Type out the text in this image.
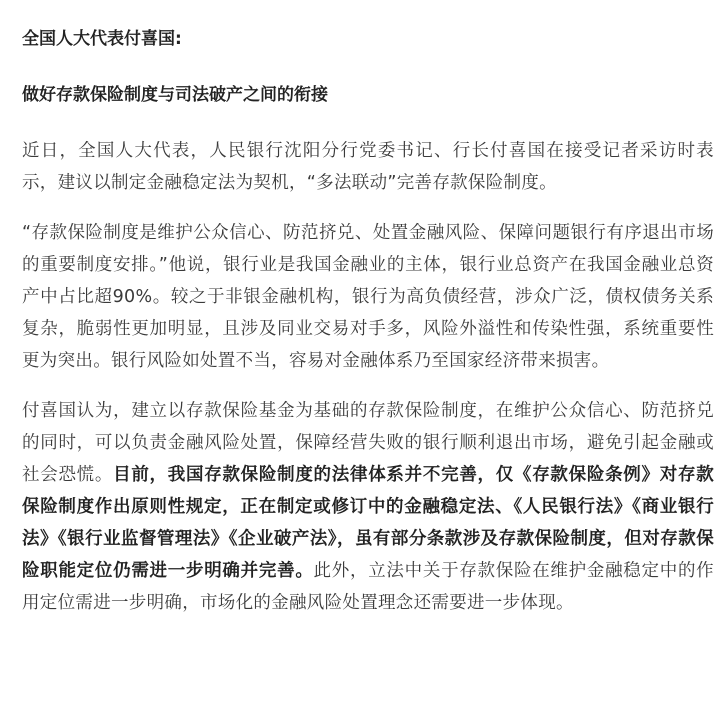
全国人大代表付喜国:

做好存款保险制度与司法破产之间的衔接

近日，全国人大代表，人民银行沈阳分行党委书记、行长付喜国在接受记者采访时表示，建议以制定金融稳定法为契机，“多法联动”完善存款保险制度。

“存款保险制度是维护公众信心、防范挤兑、处置金融风险、保障问题银行有序退出市场的重要制度安排。”他说，银行业是我国金融业的主体，银行业总资产在我国金融业总资产中占比超90%。较之于非银金融机构，银行为高负债经营，涉众广泛，债权债务关系复杂，脆弱性更加明显，且涉及同业交易对手多，风险外溢性和传染性强，系统重要性更为突出。银行风险如处置不当，容易对金融体系乃至国家经济带来损害。

付喜国认为，建立以存款保险基金为基础的存款保险制度，在维护公众信心、防范挤兑的同时，可以负责金融风险处置，保障经营失败的银行顺利退出市场，避免引起金融或社会恐慌。目前，我国存款保险制度的法律体系并不完善，仅《存款保险条例》对存款保险制度作出原则性规定，正在制定或修订中的金融稳定法、《人民银行法》《商业银行法》《银行业监督管理法》《企业破产法》，虽有部分条款涉及存款保险制度，但对存款保险职能定位仍需进一步明确并完善。此外，立法中关于存款保险在维护金融稳定中的作用定位需进一步明确，市场化的金融风险处置理念还需要进一步体现。
